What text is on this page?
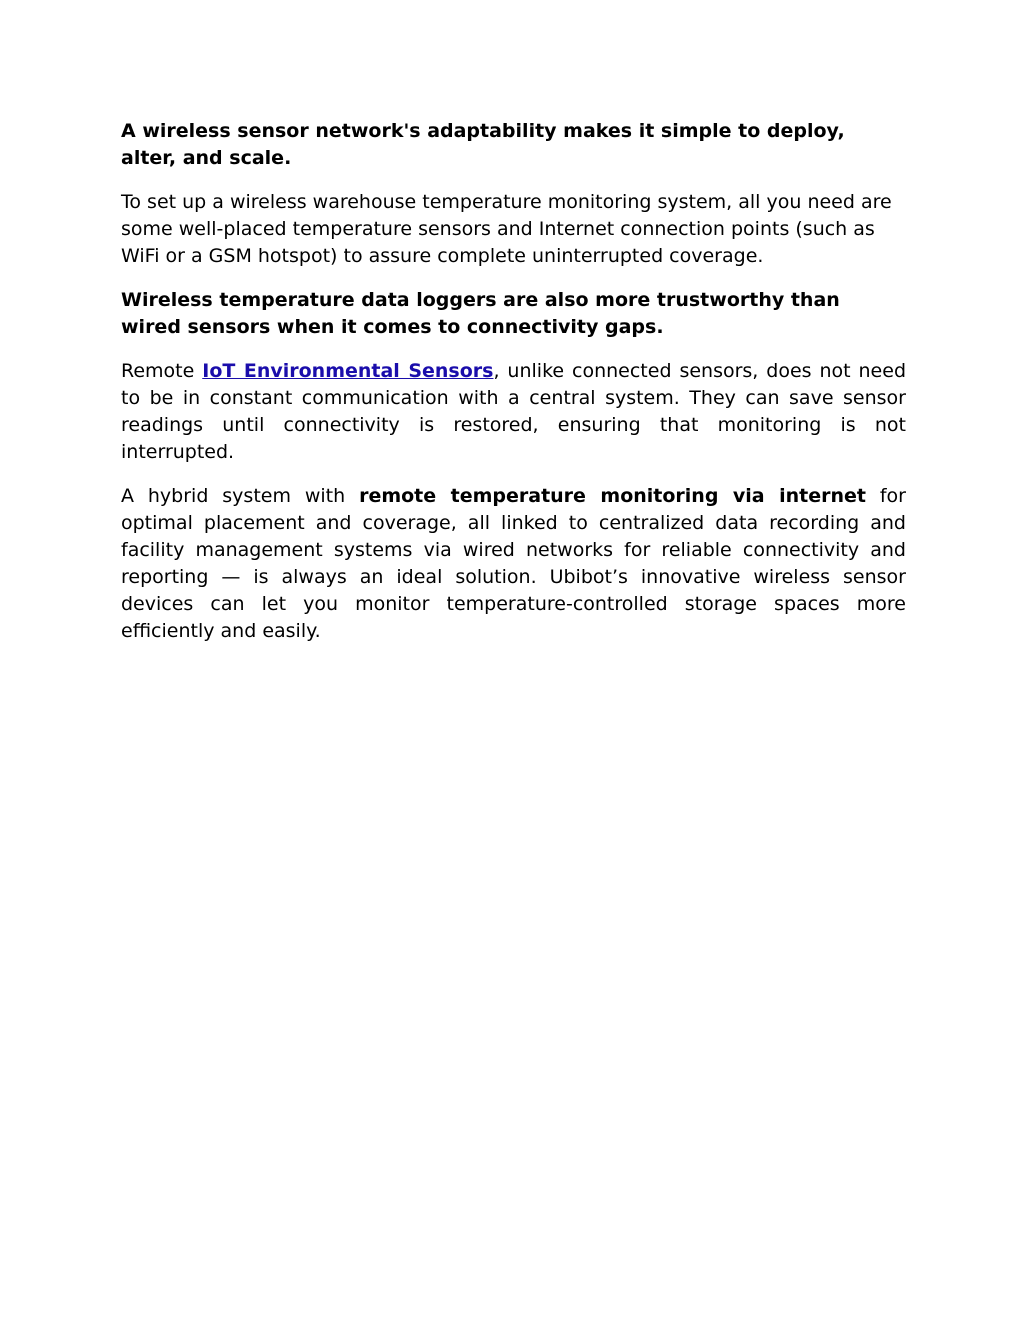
A wireless sensor network's adaptability makes it simple to deploy, alter, and scale.

To set up a wireless warehouse temperature monitoring system, all you need are some well-placed temperature sensors and Internet connection points (such as WiFi or a GSM hotspot) to assure complete uninterrupted coverage.

Wireless temperature data loggers are also more trustworthy than wired sensors when it comes to connectivity gaps.

Remote IoT Environmental Sensors, unlike connected sensors, does not need to be in constant communication with a central system. They can save sensor readings until connectivity is restored, ensuring that monitoring is not interrupted.

A hybrid system with remote temperature monitoring via internet for optimal placement and coverage, all linked to centralized data recording and facility management systems via wired networks for reliable connectivity and reporting — is always an ideal solution. Ubibot’s innovative wireless sensor devices can let you monitor temperature-controlled storage spaces more efficiently and easily.
